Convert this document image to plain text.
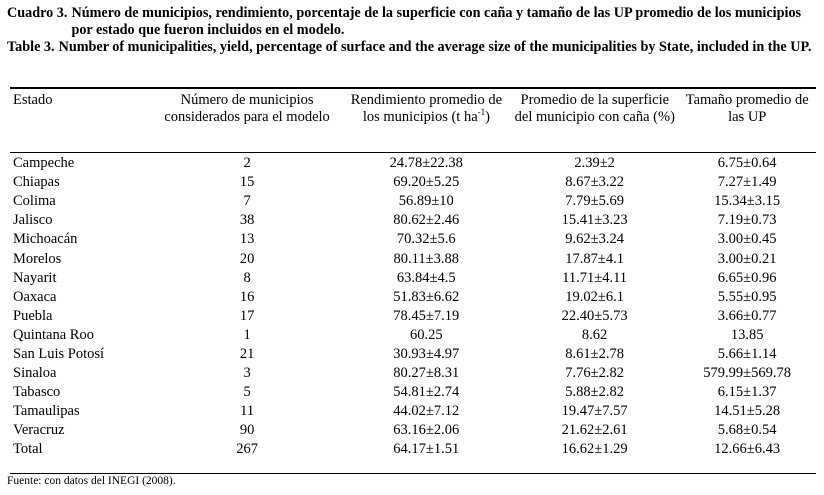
Cuadro 3. Número de municipios, rendimiento, porcentaje de la superficie con caña y tamaño de las UP promedio de los municipios por estado que fueron incluidos en el modelo.
Table 3. Number of municipalities, yield, percentage of surface and the average size of the municipalities by State, included in the UP.
Estado	Número de municipios considerados para el modelo	Rendimiento promedio de los municipios (t $ha^{-1}$)	Promedio de la superficie del municipio con caña (%)	Tamaño promedio de las UP
Campeche	2	24.78±22.38	2.39±2	6.75±0.64
Chiapas	15	69.20±5.25	8.67±3.22	7.27±1.49
Colima	7	56.89±10	7.79±5.69	15.34±3.15
Jalisco	38	80.62±2.46	15.41±3.23	7.19±0.73
Michoacán	13	70.32±5.6	9.62±3.24	3.00±0.45
Morelos	20	80.11±3.88	17.87±4.1	3.00±0.21
Nayarit	8	63.84±4.5	11.71±4.11	6.65±0.96
Oaxaca	16	51.83±6.62	19.02±6.1	5.55±0.95
Puebla	17	78.45±7.19	22.40±5.73	3.66±0.77
Quintana Roo	1	60.25	8.62	13.85
San Luis Potosí	21	30.93±4.97	8.61±2.78	5.66±1.14
Sinaloa	3	80.27±8.31	7.76±2.82	579.99±569.78
Tabasco	5	54.81±2.74	5.88±2.82	6.15±1.37
Tamaulipas	11	44.02±7.12	19.47±7.57	14.51±5.28
Veracruz	90	63.16±2.06	21.62±2.61	5.68±0.54
Total	267	64.17±1.51	16.62±1.29	12.66±6.43
Fuente: con datos del INEGI (2008).
